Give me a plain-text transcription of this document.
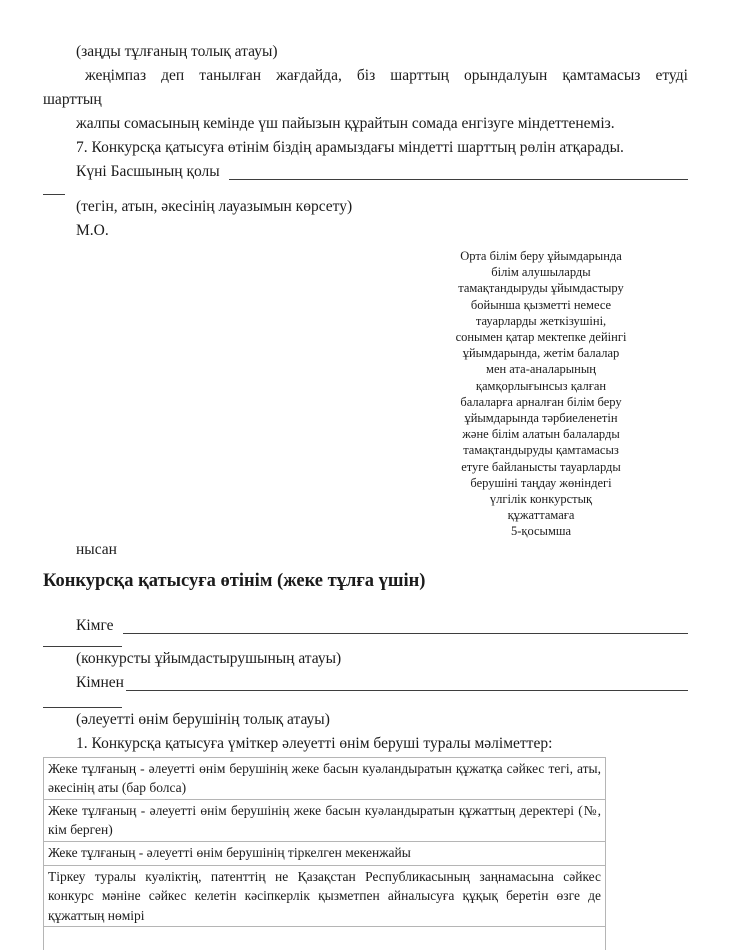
(заңды тұлғаның толық атауы)

жеңімпаз деп танылған жағдайда, біз шарттың орындалуын қамтамасыз етуді

шарттың

жалпы сомасының кемінде үш пайызын құрайтын сомада енгізуге міндеттенеміз.

7. Конкурсқа қатысуға өтінім біздің арамыздағы міндетті шарттың рөлін атқарады.

Күні Басшының қолы

(тегін, атын, әкесінің лауазымын көрсету)

М.О.

Орта білім беру ұйымдарында
білім алушыларды
тамақтандыруды ұйымдастыру
бойынша қызметті немесе
тауарларды жеткізушіні,
сонымен қатар мектепке дейінгі
ұйымдарында, жетім балалар
мен ата-аналарының
қамқорлығынсыз қалған
балаларға арналған білім беру
ұйымдарында тәрбиеленетін
және білім алатын балаларды
тамақтандыруды қамтамасыз
етуге байланысты тауарларды
берушіні таңдау жөніндегі
үлгілік конкурстық
құжаттамаға
5-қосымша

нысан

Конкурсқа қатысуға өтінім (жеке тұлға үшін)
Кімге

(конкурсты ұйымдастырушының атауы)

Кімнен

(әлеуетті өнім берушінің толық атауы)

1. Конкурсқа қатысуға үміткер әлеуетті өнім беруші туралы мәліметтер:

Жеке тұлғаның - әлеуетті өнім берушінің жеке басын куәландыратын құжатқа сәйкес тегі, аты, әкесінің аты (бар болса)
Жеке тұлғаның - әлеуетті өнім берушінің жеке басын куәландыратын құжаттың деректері (№, кім берген)
Жеке тұлғаның - әлеуетті өнім берушінің тіркелген мекенжайы
Тіркеу туралы куәліктің, патенттің не Қазақстан Республикасының заңнамасына сәйкес конкурс мәніне сәйкес келетін кәсіпкерлік қызметпен айналысуға құқық беретін өзге де құжаттың нөмірі
